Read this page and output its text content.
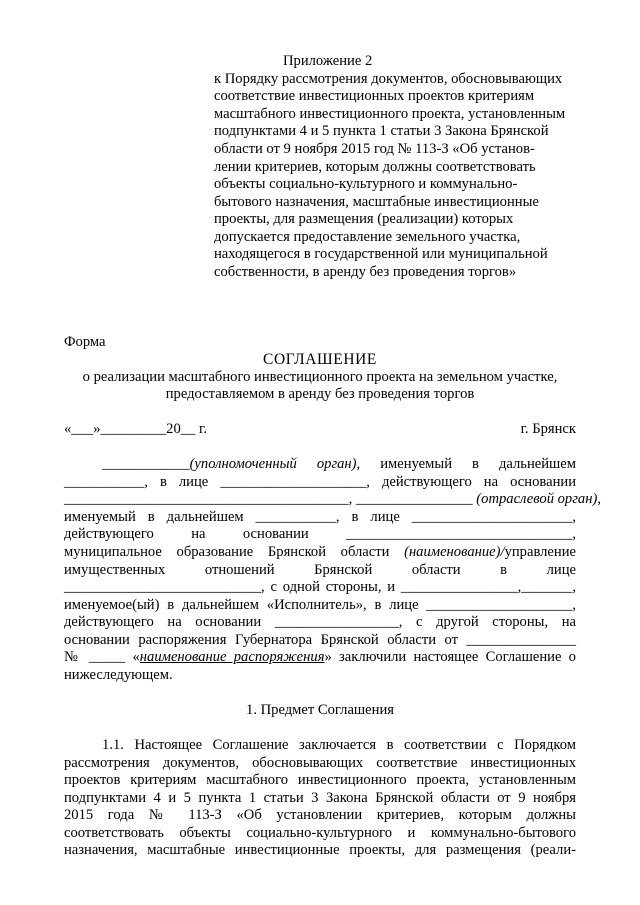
Приложение 2

к Порядку рассмотрения документов, обосновывающих

соответствие инвестиционных проектов критериям

масштабного инвестиционного проекта, установленным

подпунктами 4 и 5 пункта 1 статьи 3 Закона Брянской

области от 9 ноября 2015 год № 113-З «Об установ-

лении критериев, которым должны соответствовать

объекты социально-культурного и коммунально-

бытового назначения, масштабные инвестиционные

проекты, для размещения (реализации) которых

допускается предоставление земельного участка,

находящегося в государственной или муниципальной

собственности, в аренду без проведения торгов»

Форма

СОГЛАШЕНИЕ

о реализации масштабного инвестиционного проекта на земельном участке,

предоставляемом в аренду без проведения торгов

«___»_________20__ г.	г. Брянск

____________(уполномоченный орган), именуемый в дальнейшем

___________, в лице ____________________, действующего на основании

_______________________________________, ________________ (отраслевой орган),

именуемый в дальнейшем ___________, в лице ______________________,

действующего на основании _______________________________,

муниципальное образование Брянской области (наименование)/управление

имущественных отношений Брянской области в лице

___________________________, с одной стороны, и ________________,_______,

именуемое(ый) в дальнейшем «Исполнитель», в лице ____________________,

действующего на основании _________________, с другой стороны, на

основании распоряжения Губернатора Брянской области от _______________

№ _____ «наименование распоряжения» заключили настоящее Соглашение о

нижеследующем.

1. Предмет Соглашения

1.1. Настоящее Соглашение заключается в соответствии с Порядком

рассмотрения документов, обосновывающих соответствие инвестиционных

проектов критериям масштабного инвестиционного проекта, установленным

подпунктами 4 и 5 пункта 1 статьи 3 Закона Брянской области от 9 ноября

2015 года № 113-З «Об установлении критериев, которым должны

соответствовать объекты социально-культурного и коммунально-бытового

назначения, масштабные инвестиционные проекты, для размещения (реали-
